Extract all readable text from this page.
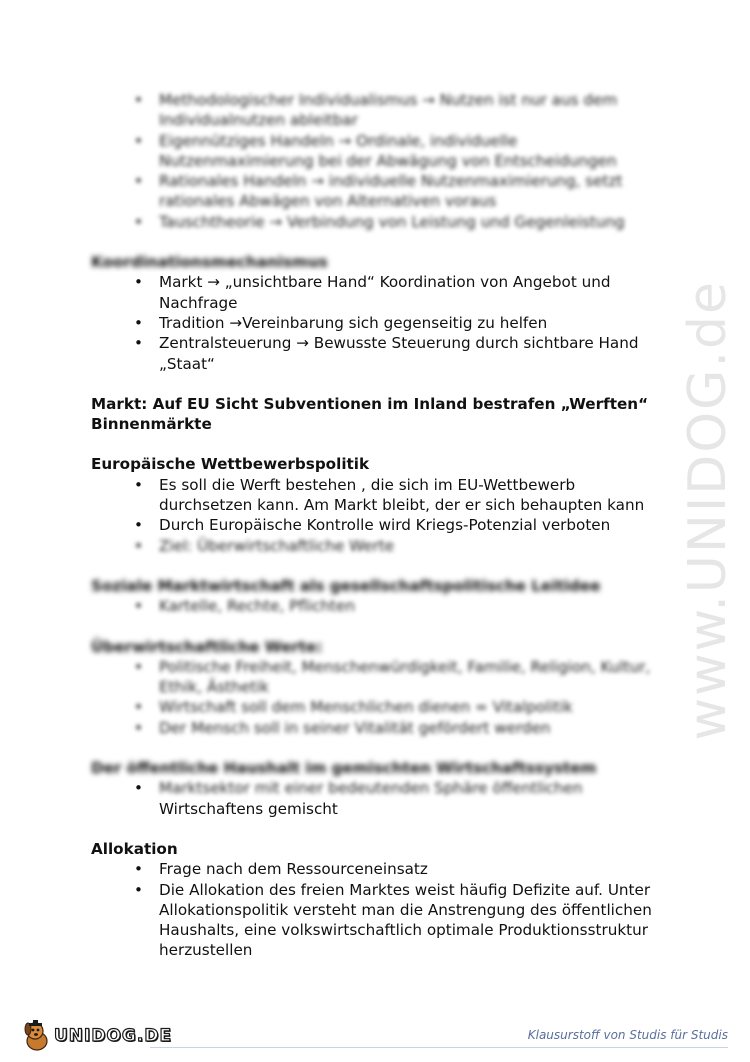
www.UNIDOG.de
• Methodologischer Individualismus → Nutzen ist nur aus dem Individualnutzen ableitbar
• Eigennütziges Handeln → Ordinale, individuelle Nutzenmaximierung bei der Abwägung von Entscheidungen
• Rationales Handeln → individuelle Nutzenmaximierung, setzt rationales Abwägen von Alternativen voraus
• Tauschtheorie → Verbindung von Leistung und Gegenleistung

Koordinationsmechanismus

• Markt → „unsichtbare Hand“ Koordination von Angebot und Nachfrage
• Tradition →Vereinbarung sich gegenseitig zu helfen
• Zentralsteuerung → Bewusste Steuerung durch sichtbare Hand „Staat“

Markt: Auf EU Sicht Subventionen im Inland bestrafen „Werften“

Binnenmärkte

Europäische Wettbewerbspolitik

• Es soll die Werft bestehen , die sich im EU-Wettbewerb durchsetzen kann. Am Markt bleibt, der er sich behaupten kann
• Durch Europäische Kontrolle wird Kriegs-Potenzial verboten
• Ziel: Überwirtschaftliche Werte

Soziale Marktwirtschaft als gesellschaftspolitische Leitidee

• Kartelle, Rechte, Pflichten

Überwirtschaftliche Werte:

• Politische Freiheit, Menschenwürdigkeit, Familie, Religion, Kultur, Ethik, Ästhetik
• Wirtschaft soll dem Menschlichen dienen = Vitalpolitik
• Der Mensch soll in seiner Vitalität gefördert werden

Der öffentliche Haushalt im gemischten Wirtschaftssystem

• Marktsektor mit einer bedeutenden Sphäre öffentlichen
Wirtschaftens gemischt

Allokation

• Frage nach dem Ressourceneinsatz
• Die Allokation des freien Marktes weist häufig Defizite auf. Unter Allokationspolitik versteht man die Anstrengung des öffentlichen Haushalts, eine volkswirtschaftlich optimale Produktionsstruktur herzustellen
UNIDOG.DE	Klausurstoff von Studis für Studis
